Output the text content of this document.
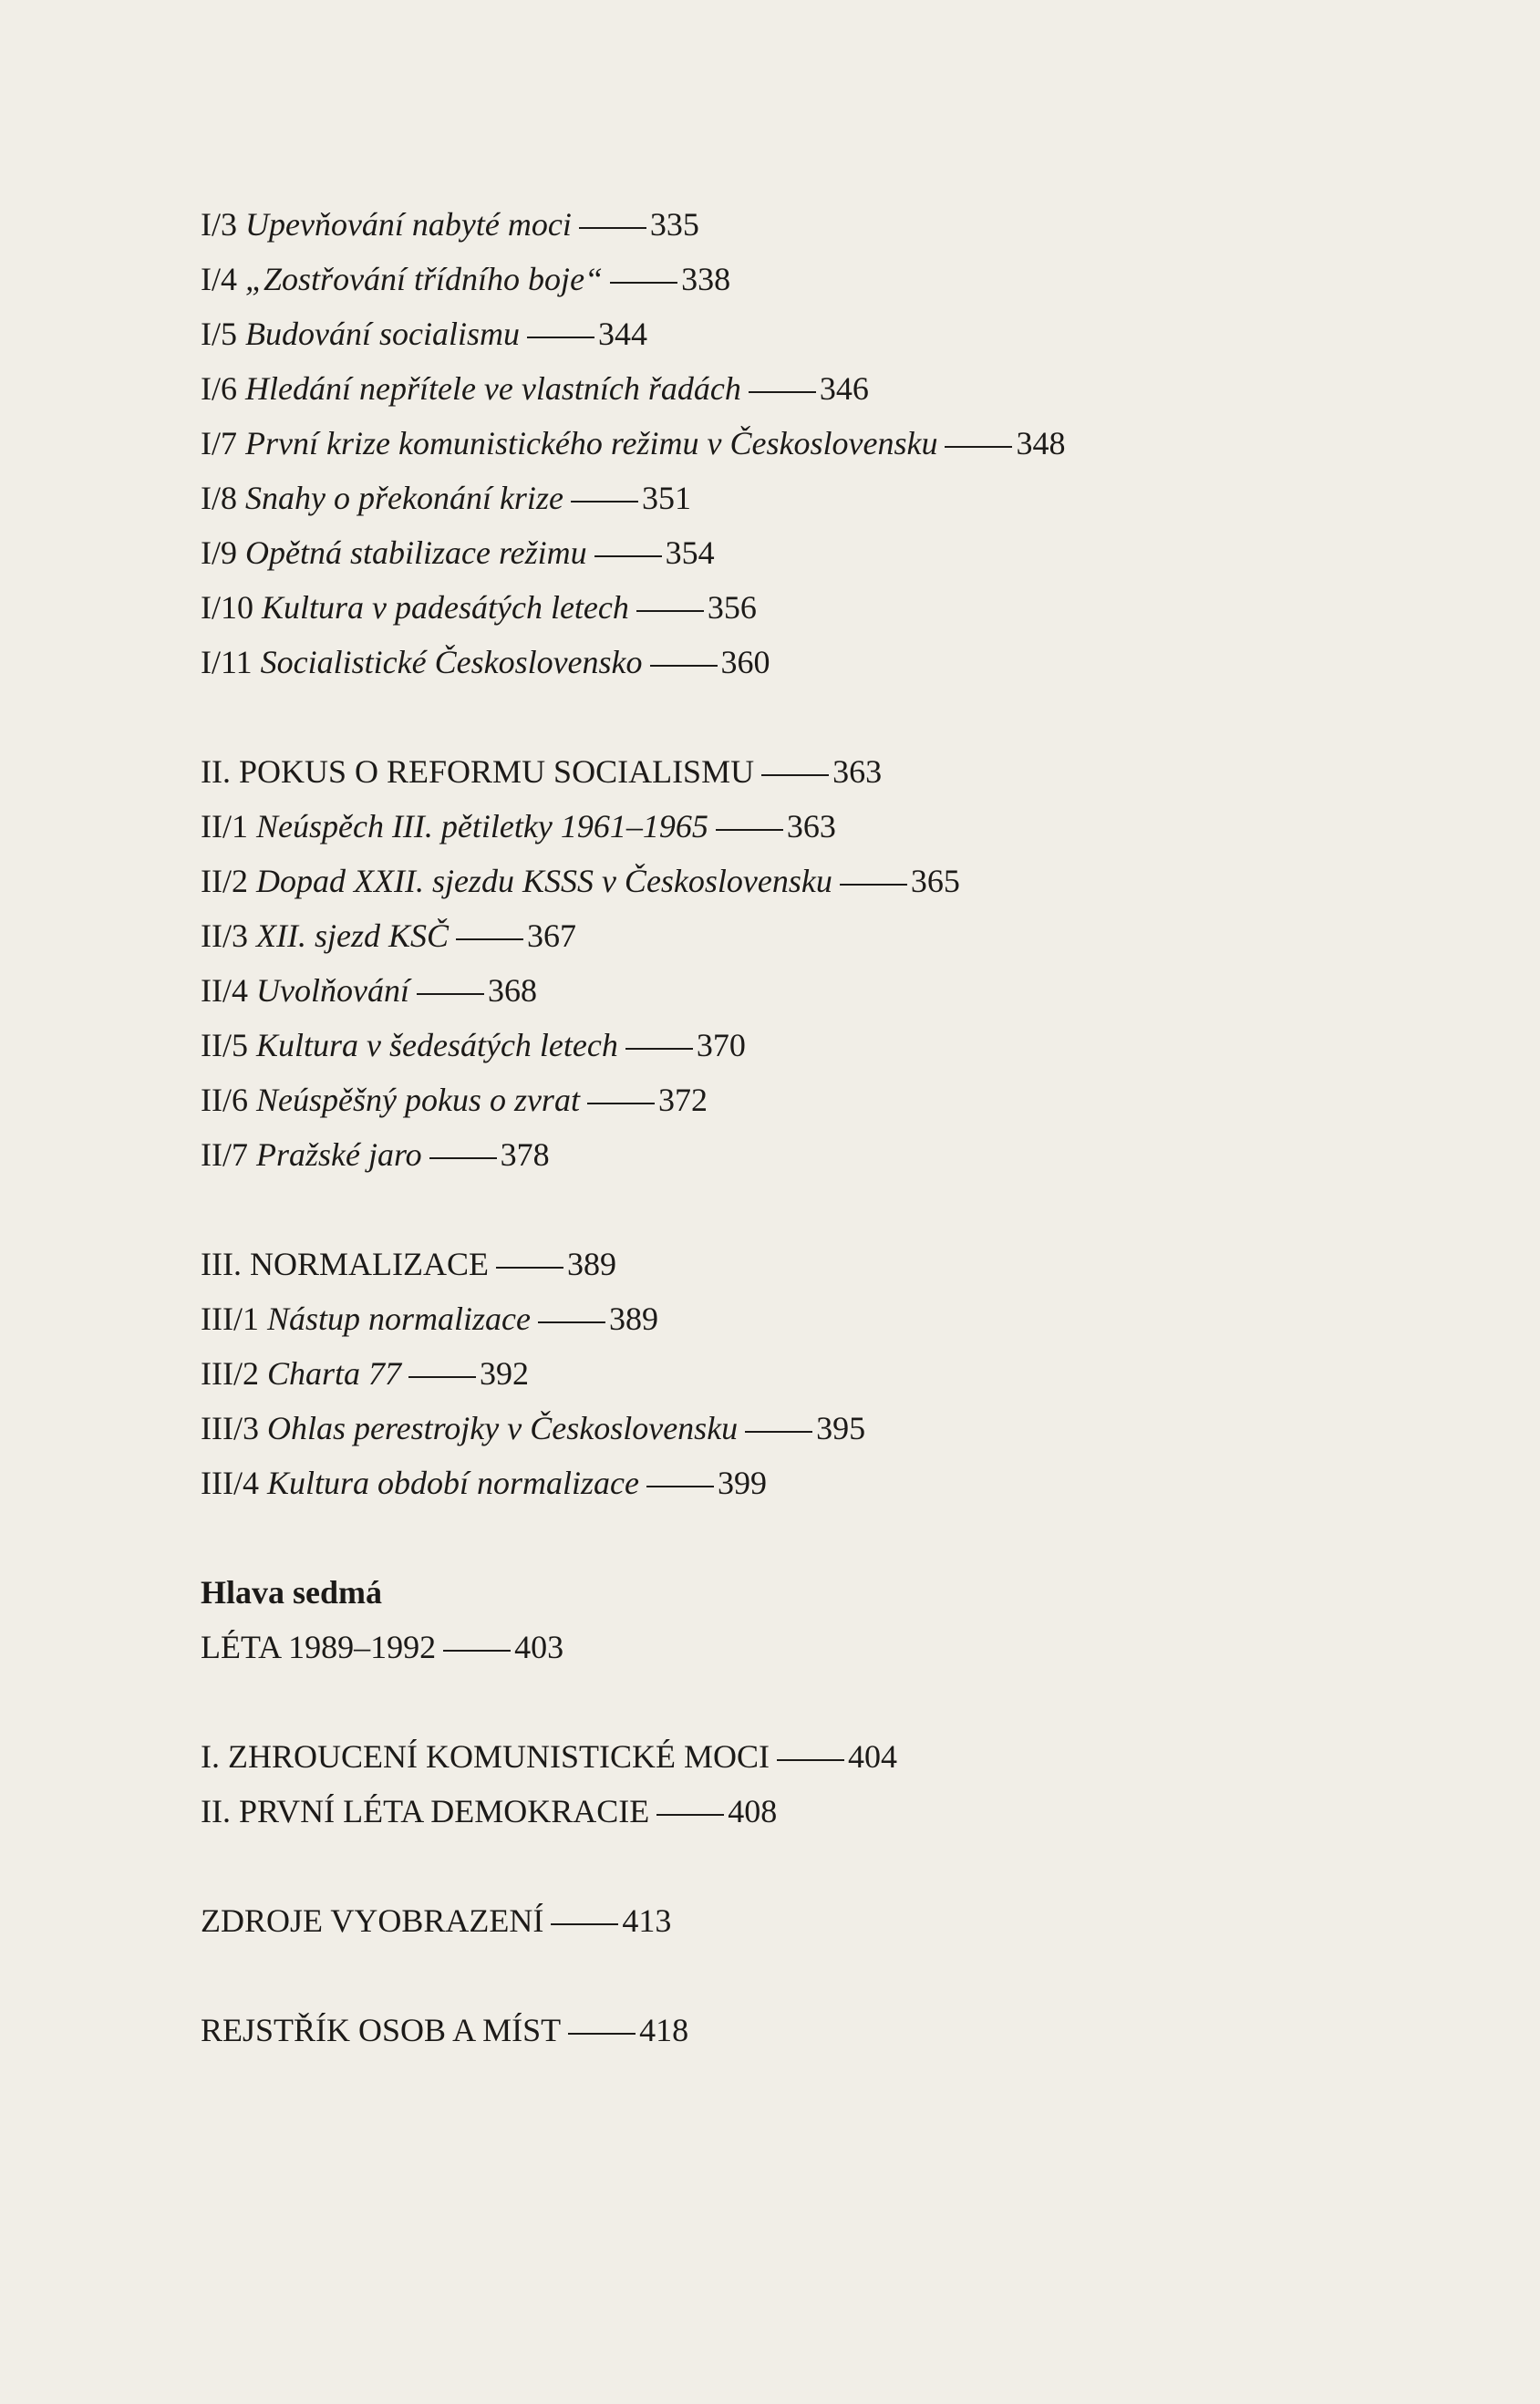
I/3 Upevňování nabyté moci 335
I/4 „Zostřování třídního boje“ 338
I/5 Budování socialismu 344
I/6 Hledání nepřítele ve vlastních řadách 346
I/7 První krize komunistického režimu v Československu 348
I/8 Snahy o překonání krize 351
I/9 Opětná stabilizace režimu 354
I/10 Kultura v padesátých letech 356
I/11 Socialistické Československo 360
II. POKUS O REFORMU SOCIALISMU 363
II/1 Neúspěch III. pětiletky 1961–1965 363
II/2 Dopad XXII. sjezdu KSSS v Československu 365
II/3 XII. sjezd KSČ 367
II/4 Uvolňování 368
II/5 Kultura v šedesátých letech 370
II/6 Neúspěšný pokus o zvrat 372
II/7 Pražské jaro 378
III. NORMALIZACE 389
III/1 Nástup normalizace 389
III/2 Charta 77 392
III/3 Ohlas perestrojky v Československu 395
III/4 Kultura období normalizace 399
Hlava sedmá
LÉTA 1989–1992 403
I. ZHROUCENÍ KOMUNISTICKÉ MOCI 404
II. PRVNÍ LÉTA DEMOKRACIE 408
ZDROJE VYOBRAZENÍ 413
REJSTŘÍK OSOB A MÍST 418
